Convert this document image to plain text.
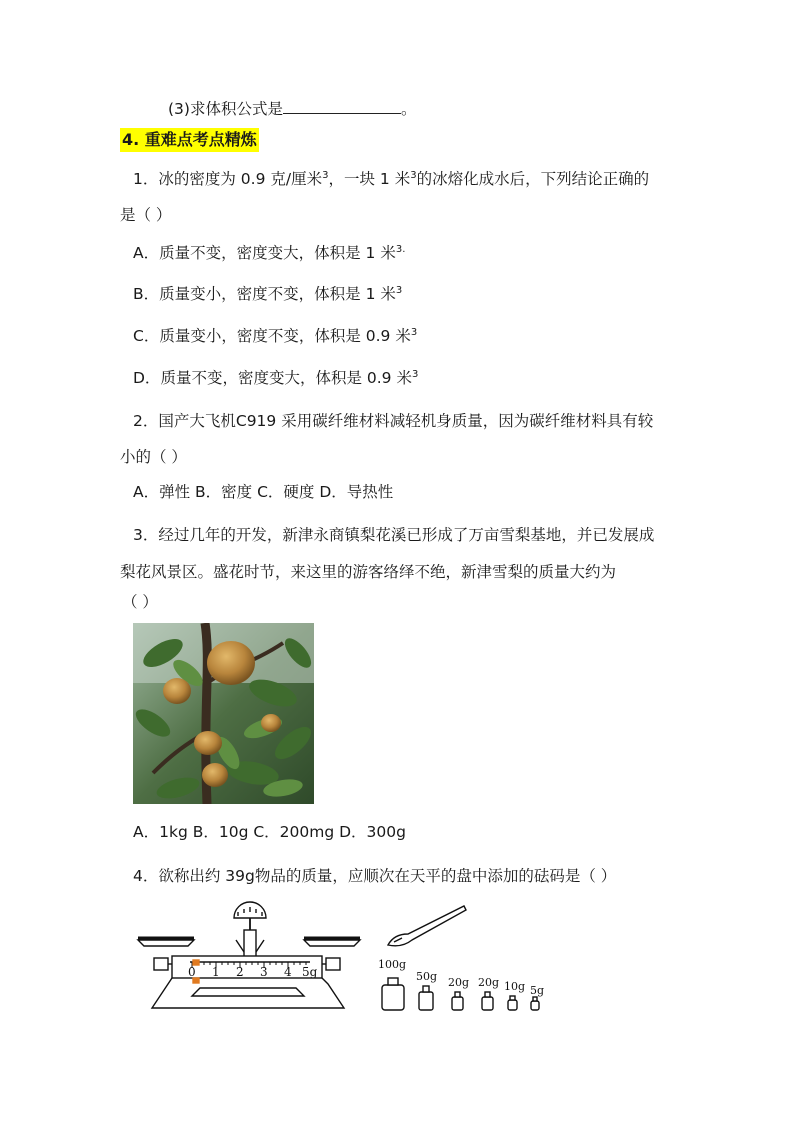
(3)求体积公式是	。
4. 重难点考点精炼
1．冰的密度为 0.9 克/厘米$^3$，一块 1 米$^3$的冰熔化成水后，下列结论正确的
是（ ）
A．质量不变，密度变大，体积是 1 米$^{3.}$
B．质量变小，密度不变，体积是 1 米$^3$
C．质量变小，密度不变，体积是 0.9 米$^3$
D．质量不变，密度变大，体积是 0.9 米$^3$
2．国产大飞机C919 采用碳纤维材料减轻机身质量，因为碳纤维材料具有较
小的（ ）
A．弹性 B．密度 C．硬度 D．导热性
3．经过几年的开发，新津永商镇梨花溪已形成了万亩雪梨基地，并已发展成
梨花风景区。盛花时节，来这里的游客络绎不绝，新津雪梨的质量大约为
（ ）
A．1kg B．10g C．200mg D．300g
4．欲称出约 39g物品的质量，应顺次在天平的盘中添加的砝码是（ ）
0 1 2 3 4 5g
100g
50g 20g 20g 10g 5g
